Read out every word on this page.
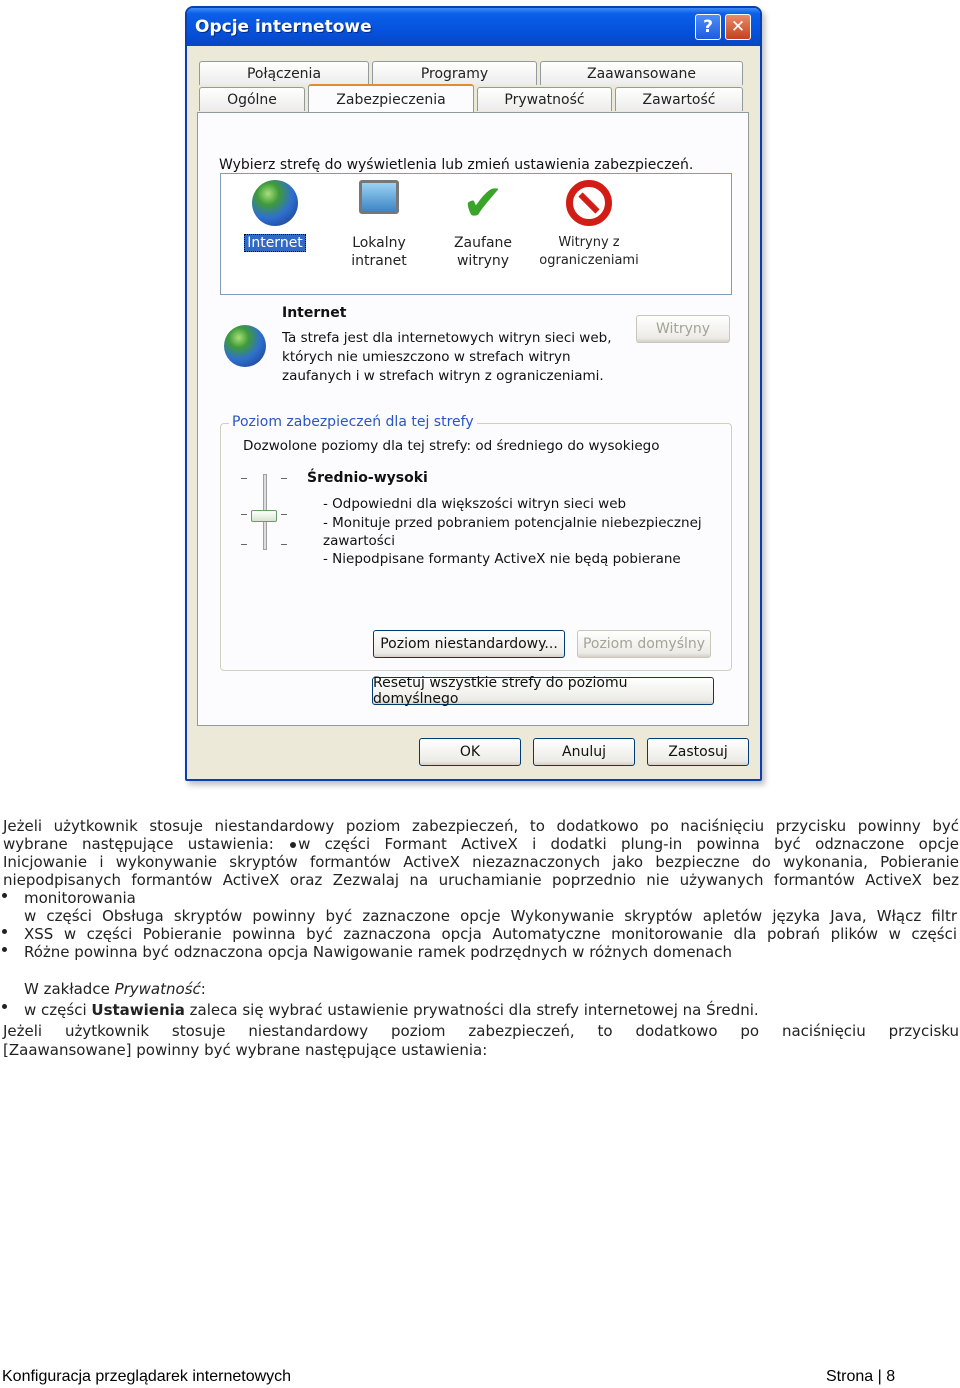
Opcje internetowe	?	✕
Połączenia	Programy	Zaawansowane
Ogólne	Zabezpieczenia	Prywatność	Zawartość
Wybierz strefę do wyświetlenia lub zmień ustawienia zabezpieczeń.
Internet	Lokalny intranet
✔
Zaufane witryny
Witryny z ograniczeniami
Internet
Ta strefa jest dla internetowych witryn sieci web, których nie umieszczono w strefach witryn zaufanych i w strefach witryn z ograniczeniami.
Witryny
Poziom zabezpieczeń dla tej strefy
Dozwolone poziomy dla tej strefy: od średniego do wysokiego
Średnio-wysoki
- Odpowiedni dla większości witryn sieci web
- Monituje przed pobraniem potencjalnie niebezpiecznej zawartości
- Niepodpisane formanty ActiveX nie będą pobierane
Poziom niestandardowy...	Poziom domyślny
Resetuj wszystkie strefy do poziomu domyślnego
OK	Anuluj	Zastosuj
Jeżeli użytkownik stosuje niestandardowy poziom zabezpieczeń, to dodatkowo po naciśnięciu przycisku powinny być
wybrane następujące ustawienia: w części Formant ActiveX i dodatki plung-in powinna być odznaczone opcje
Inicjowanie i wykonywanie skryptów formantów ActiveX niezaznaczonych jako bezpieczne do wykonania, Pobieranie
niepodpisanych formantów ActiveX oraz Zezwalaj na uruchamianie poprzednio nie używanych formantów ActiveX bez
monitorowania
w części Obsługa skryptów powinny być zaznaczone opcje Wykonywanie skryptów apletów języka Java, Włącz filtr
XSS w części Pobieranie powinna być zaznaczona opcja Automatyczne monitorowanie dla pobrań plików w części
Różne powinna być odznaczona opcja Nawigowanie ramek podrzędnych w różnych domenach
W zakładce Prywatność:
w części Ustawienia zaleca się wybrać ustawienie prywatności dla strefy internetowej na Średni.
Jeżeli użytkownik stosuje niestandardowy poziom zabezpieczeń, to dodatkowo po naciśnięciu przycisku
[Zaawansowane] powinny być wybrane następujące ustawienia:
Konfiguracja przeglądarek internetowych	Strona | 8
